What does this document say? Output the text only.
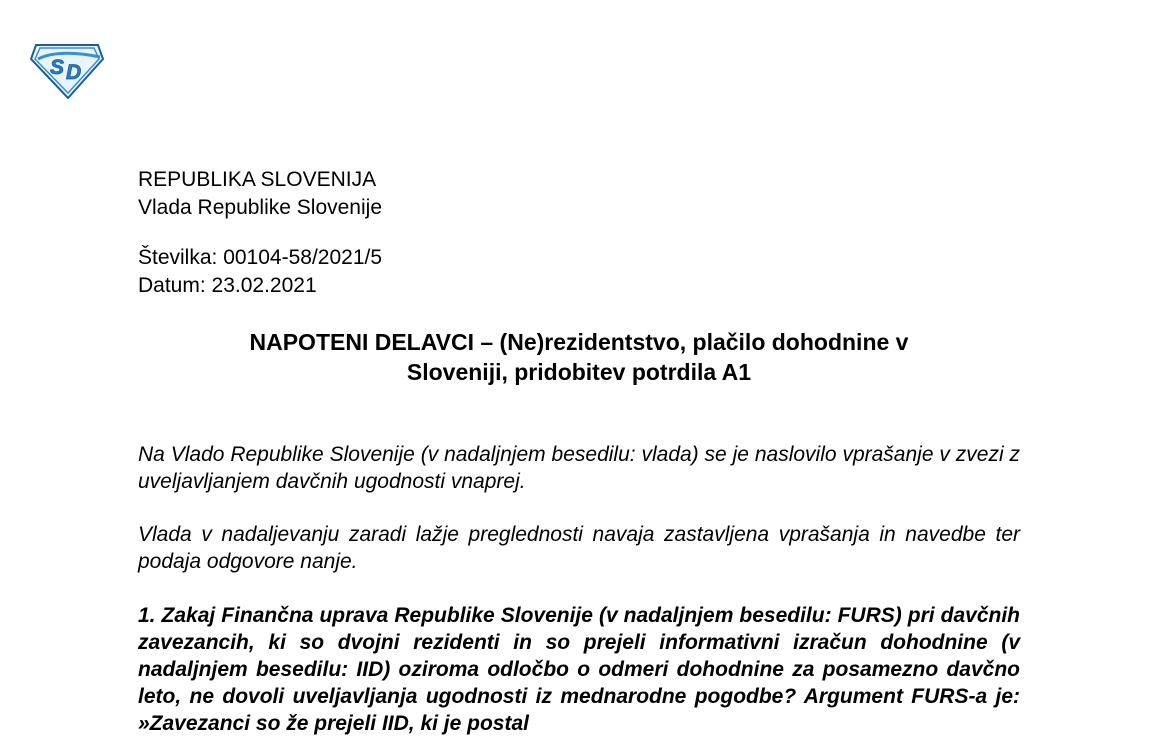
S D
REPUBLIKA SLOVENIJA
Vlada Republike Slovenije
Številka: 00104-58/2021/5
Datum: 23.02.2021
NAPOTENI DELAVCI – (Ne)rezidentstvo, plačilo dohodnine v
Sloveniji, pridobitev potrdila A1

Na Vlado Republike Slovenije (v nadaljnjem besedilu: vlada) se je naslovilo vprašanje v zvezi z uveljavljanjem davčnih ugodnosti vnaprej.

Vlada v nadaljevanju zaradi lažje preglednosti navaja zastavljena vprašanja in navedbe ter podaja odgovore nanje.

1. Zakaj Finančna uprava Republike Slovenije (v nadaljnjem besedilu: FURS) pri davčnih zavezancih, ki so dvojni rezidenti in so prejeli informativni izračun dohodnine (v nadaljnjem besedilu: IID) oziroma odločbo o odmeri dohodnine za posamezno davčno leto, ne dovoli uveljavljanja ugodnosti iz mednarodne pogodbe? Argument FURS-a je: »Zavezanci so že prejeli IID, ki je postal
